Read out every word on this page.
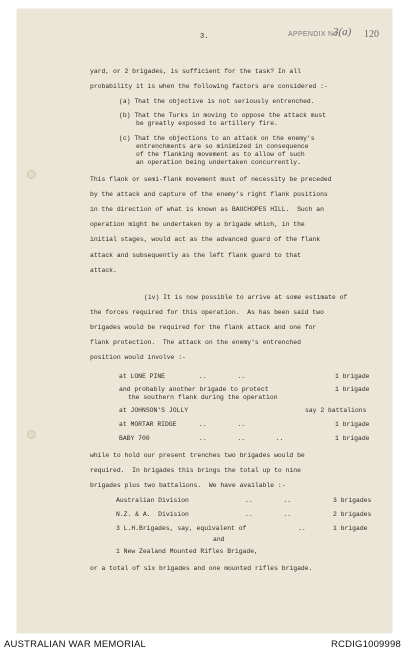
3.	APPENDIX No.
3(a) 120
yard, or 2 brigades, is sufficient for the task? In all
probability it is when the following factors are considered :-
(a) That the objective is not seriously entrenched.
(b) That the Turks in moving to oppose the attack must
be greatly exposed to artillery fire.
(c) That the objections to an attack on the enemy's
entrenchments are so minimized in consequence
of the flanking movement as to allow of such
an operation being undertaken concurrently.
This flank or semi-flank movement must of necessity be preceded
by the attack and capture of the enemy's right flank positions
in the direction of what is known as BAUCHOPES HILL.  Such an
operation might be undertaken by a brigade which, in the
initial stages, would act as the advanced guard of the flank
attack and subsequently as the left flank guard to that
attack.
(iv) It is now possible to arrive at some estimate of
the forces required for this operation.  As has been said two
brigades would be required for the flank attack and one for
flank protection.  The attack on the enemy's entrenched
position would involve :-
at LONE PINE	..        ..	1 brigade
and probably another brigade to protect	1 brigade
the southern flank during the operation
at JOHNSON'S JOLLY	say 2 battalions
at MORTAR RIDGE	..        ..	1 brigade
BABY 700	..        ..        ..	1 brigade
while to hold our present trenches two brigades would be
required.  In brigades this brings the total up to nine
brigades plus two battalions.  We have available :-
Australian Division	..        ..	3 brigades
N.Z. & A.  Division	..        ..	2 brigades
3 L.H.Brigades, say, equivalent of	..	1 brigade
and
1 New Zealand Mounted Rifles Brigade,
or a total of six brigades and one mounted rifles brigade.
AUSTRALIAN WAR MEMORIAL	RCDIG1009998
